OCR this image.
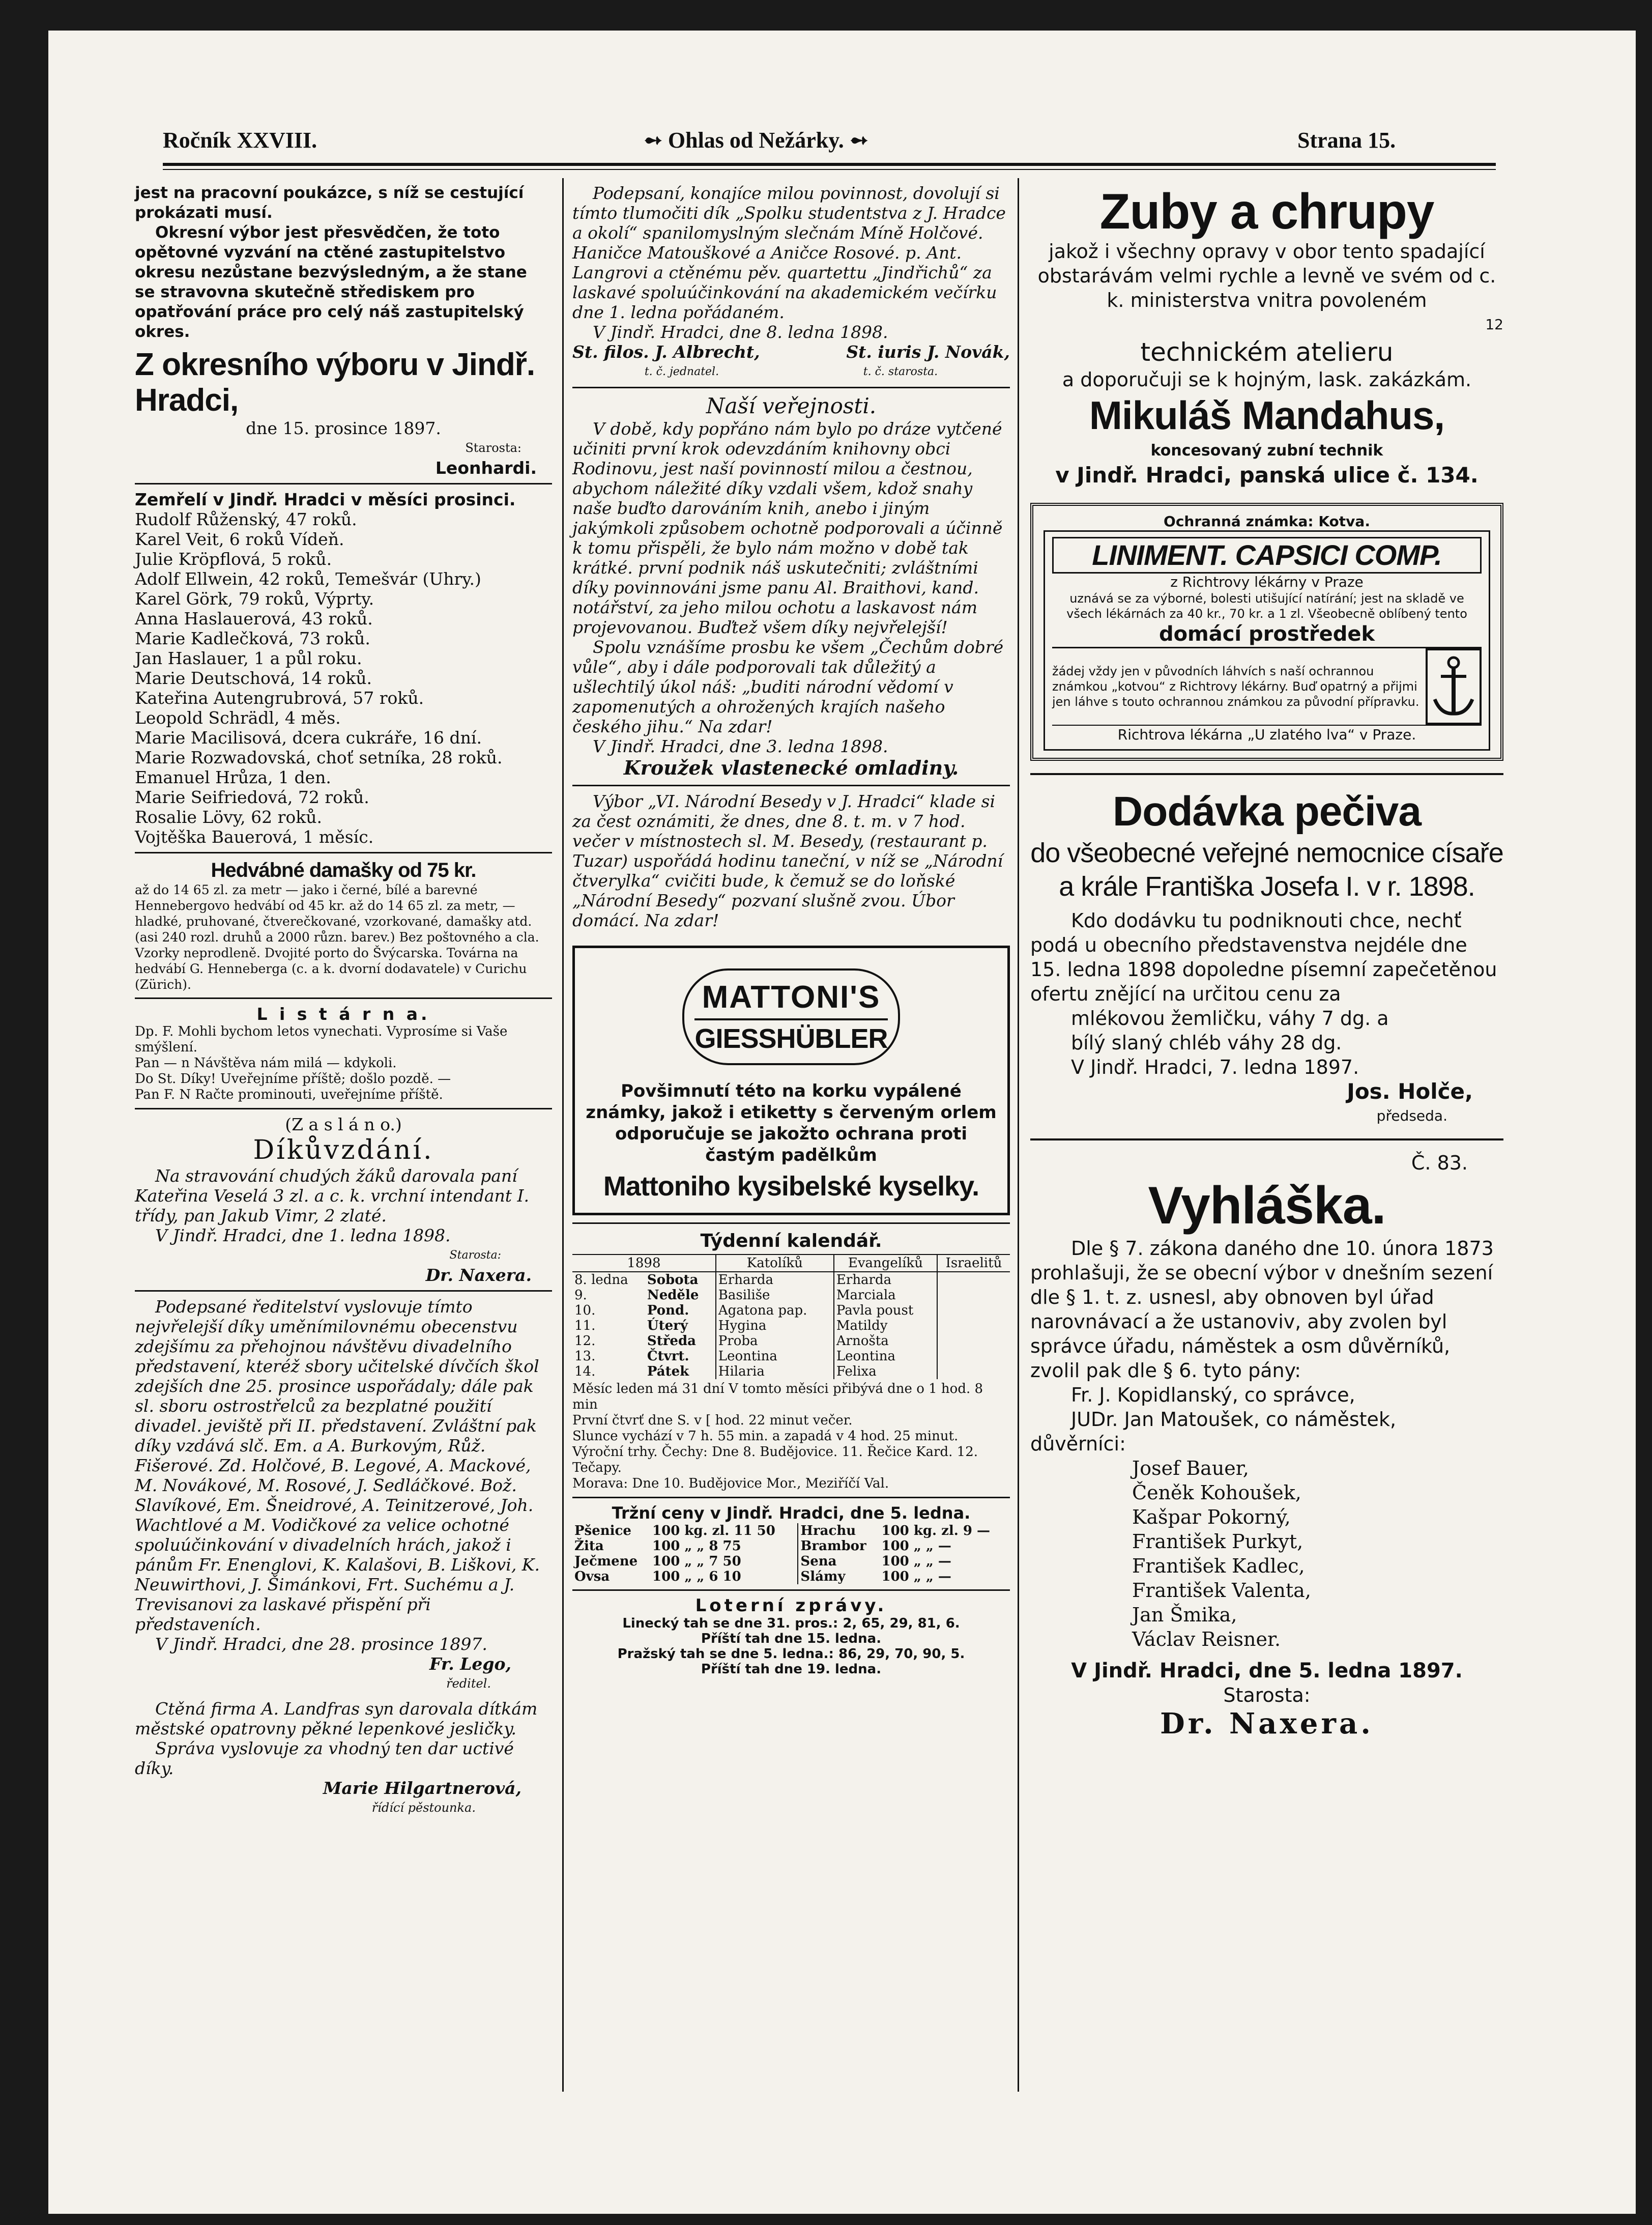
Ročník XXVIII.	➻ Ohlas od Nežárky. ➻	Strana 15.

jest na pracovní poukázce, s níž se cestující prokázati musí.

Okresní výbor jest přesvědčen, že toto opětovné vyzvání na ctěné zastupitelstvo okresu nezůstane bezvýsledným, a že stane se stravovna skutečně střediskem pro opatřování práce pro celý náš zastupitelský okres.

Z okresního výboru v Jindř. Hradci,

dne 15. prosince 1897.

Starosta:

Leonhardi.

Zemřelí v Jindř. Hradci v měsíci prosinci.

Rudolf Růženský, 47 roků.

Karel Veit, 6 roků Vídeň.

Julie Kröpflová, 5 roků.

Adolf Ellwein, 42 roků, Temešvár (Uhry.)

Karel Görk, 79 roků, Výprty.

Anna Haslauerová, 43 roků.

Marie Kadlečková, 73 roků.

Jan Haslauer, 1 a půl roku.

Marie Deutschová, 14 roků.

Kateřina Autengrubrová, 57 roků.

Leopold Schrädl, 4 měs.

Marie Macilisová, dcera cukráře, 16 dní.

Marie Rozwadovská, choť setníka, 28 roků.

Emanuel Hrůza, 1 den.

Marie Seifriedová, 72 roků.

Rosalie Lövy, 62 roků.

Vojtěška Bauerová, 1 měsíc.

Hedvábné damašky od 75 kr.

až do 14 65 zl. za metr — jako i černé, bílé a barevné Hennebergovo hedvábí od 45 kr. až do 14 65 zl. za metr, — hladké, pruhované, čtverečkované, vzorkované, damašky atd. (asi 240 rozl. druhů a 2000 různ. barev.) Bez poštovného a cla. Vzorky neprodleně. Dvojité porto do Švýcarska. Továrna na hedvábí G. Henneberga (c. a k. dvorní dodavatele) v Curichu (Zürich).

L i s t á r n a.

Dp. F. Mohli bychom letos vynechati. Vyprosíme si Vaše smýšlení.

Pan — n Návštěva nám milá — kdykoli.

Do St. Díky! Uveřejníme příště; došlo pozdě. —

Pan F. N Račte prominouti, uveřejníme příště.

(Z a s l á n o.)

Díkůvzdání.

Na stravování chudých žáků darovala paní Kateřina Veselá 3 zl. a c. k. vrchní intendant I. třídy, pan Jakub Vimr, 2 zlaté.

V Jindř. Hradci, dne 1. ledna 1898.

Starosta:

Dr. Naxera.

Podepsané ředitelství vyslovuje tímto nejvřelejší díky uměnímilovnému obecenstvu zdejšímu za přehojnou návštěvu divadelního představení, kteréž sbory učitelské dívčích škol zdejších dne 25. prosince uspořádaly; dále pak sl. sboru ostrostřelců za bezplatné použití divadel. jeviště při II. představení. Zvláštní pak díky vzdává slč. Em. a A. Burkovým, Růž. Fišerové. Zd. Holčové, B. Legové, A. Mackové, M. Novákové, M. Rosové, J. Sedláčkové. Bož. Slavíkové, Em. Šneidrové, A. Teinitzerové, Joh. Wachtlové a M. Vodičkové za velice ochotné spoluúčinkování v divadelních hrách, jakož i pánům Fr. Enenglovi, K. Kalašovi, B. Liškovi, K. Neuwirthovi, J. Šimánkovi, Frt. Suchému a J. Trevisanovi za laskavé přispění při představeních.

V Jindř. Hradci, dne 28. prosince 1897.

Fr. Lego,

ředitel.

Ctěná firma A. Landfras syn darovala dítkám městské opatrovny pěkné lepenkové jesličky.

Správa vyslovuje za vhodný ten dar uctivé díky.

Marie Hilgartnerová,

řídící pěstounka.

Podepsaní, konajíce milou povinnost, dovolují si tímto tlumočiti dík „Spolku studentstva z J. Hradce a okolí“ spanilomyslným slečnám Míně Holčové. Haničce Matouškové a Aničce Rosové. p. Ant. Langrovi a ctěnému pěv. quartettu „Jindřichů“ za laskavé spoluúčinkování na akademickém večírku dne 1. ledna pořádaném.

V Jindř. Hradci, dne 8. ledna 1898.

St. filos. J. Albrecht,	St. iuris J. Novák,
t. č. jednatel.	t. č. starosta.

Naší veřejnosti.

V době, kdy popřáno nám bylo po dráze vytčené učiniti první krok odevzdáním knihovny obci Rodinovu, jest naší povinností milou a čestnou, abychom náležité díky vzdali všem, kdož snahy naše buďto darováním knih, anebo i jiným jakýmkoli způsobem ochotně podporovali a účinně k tomu přispěli, že bylo nám možno v době tak krátké. první podnik náš uskutečniti; zvláštními díky povinnováni jsme panu Al. Braithovi, kand. notářství, za jeho milou ochotu a laskavost nám projevovanou. Buďtež všem díky nejvřelejší!

Spolu vznášíme prosbu ke všem „Čechům dobré vůle“, aby i dále podporovali tak důležitý a ušlechtilý úkol náš: „buditi národní vědomí v zapomenutých a ohrožených krajích našeho českého jihu.“ Na zdar!

V Jindř. Hradci, dne 3. ledna 1898.

Kroužek vlastenecké omladiny.

Výbor „VI. Národní Besedy v J. Hradci“ klade si za čest oznámiti, že dnes, dne 8. t. m. v 7 hod. večer v místnostech sl. M. Besedy, (restaurant p. Tuzar) uspořádá hodinu taneční, v níž se „Národní čtverylka“ cvičiti bude, k čemuž se do loňské „Národní Besedy“ pozvaní slušně zvou. Úbor domácí. Na zdar!

MATTONI'S
GIESSHÜBLER

Povšimnutí této na korku vypálené známky, jakož i etiketty s červeným orlem odporučuje se jakožto ochrana proti častým padělkům

Mattoniho kysibelské kyselky.

Týdenní kalendář.

1898		Katolíků	Evangelíků	Israelitů
8. ledna	Sobota	Erharda	Erharda	
9.	Neděle	Basiliše	Marciala	
10.	Pond.	Agatona pap.	Pavla poust	
11.	Úterý	Hygina	Matildy	
12.	Středa	Proba	Arnošta	
13.	Čtvrt.	Leontina	Leontina	
14.	Pátek	Hilaria	Felixa	

Měsíc leden má 31 dní V tomto měsíci přibývá dne o 1 hod. 8 min

První čtvrť dne S. v [ hod. 22 minut večer.

Slunce vychází v 7 h. 55 min. a zapadá v 4 hod. 25 minut.

Výroční trhy. Čechy: Dne 8. Budějovice. 11. Řečice Kard. 12. Tečapy.

Morava: Dne 10. Budějovice Mor., Meziříčí Val.

Tržní ceny v Jindř. Hradci, dne 5. ledna.

Pšenice	100 kg. zl. 11 50	Hrachu	100 kg. zl. 9 —
Žita	100 „ „ 8 75	Brambor	100 „ „ —
Ječmene	100 „ „ 7 50	Sena	100 „ „ —
Ovsa	100 „ „ 6 10	Slámy	100 „ „ —

Loterní zprávy.

Linecký tah se dne 31. pros.: 2, 65, 29, 81, 6.

Příští tah dne 15. ledna.

Pražský tah se dne 5. ledna.: 86, 29, 70, 90, 5.

Příští tah dne 19. ledna.

Zuby a chrupy

jakož i všechny opravy v obor tento spadající obstarávám velmi rychle a levně ve svém od c. k. ministerstva vnitra povoleném

12

technickém atelieru

a doporučuji se k hojným, lask. zakázkám.

Mikuláš Mandahus,

koncesovaný zubní technik

v Jindř. Hradci, panská ulice č. 134.

Ochranná známka: Kotva.

LINIMENT. CAPSICI COMP.

z Richtrovy lékárny v Praze

uznává se za výborné, bolesti utišující natírání; jest na skladě ve všech lékárnách za 40 kr., 70 kr. a 1 zl. Všeobecně oblíbený tento

domácí prostředek

žádej vždy jen v původních láhvích s naší ochrannou známkou „kotvou“ z Richtrovy lékárny. Buď opatrný a přijmi jen láhve s touto ochrannou známkou za původní přípravku.

Richtrova lékárna „U zlatého lva“ v Praze.

Dodávka pečiva

do všeobecné veřejné nemocnice císaře

a krále Františka Josefa I. v r. 1898.

Kdo dodávku tu podniknouti chce, nechť podá u obecního představenstva nejdéle dne 15. ledna 1898 dopoledne písemní zapečetěnou ofertu znějící na určitou cenu za

mlékovou žemličku, váhy 7 dg. a

bílý slaný chléb váhy 28 dg.

V Jindř. Hradci, 7. ledna 1897.

Jos. Holče,

předseda.

Č. 83.

Vyhláška.

Dle § 7. zákona daného dne 10. února 1873 prohlašuji, že se obecní výbor v dnešním sezení dle § 1. t. z. usnesl, aby obnoven byl úřad narovnávací a že ustanoviv, aby zvolen byl správce úřadu, náměstek a osm důvěrníků, zvolil pak dle § 6. tyto pány:

Fr. J. Kopidlanský, co správce,

JUDr. Jan Matoušek, co náměstek,

důvěrníci:

Josef Bauer,

Čeněk Kohoušek,

Kašpar Pokorný,

František Purkyt,

František Kadlec,

František Valenta,

Jan Šmika,

Václav Reisner.

V Jindř. Hradci, dne 5. ledna 1897.

Starosta:

Dr. Naxera.
